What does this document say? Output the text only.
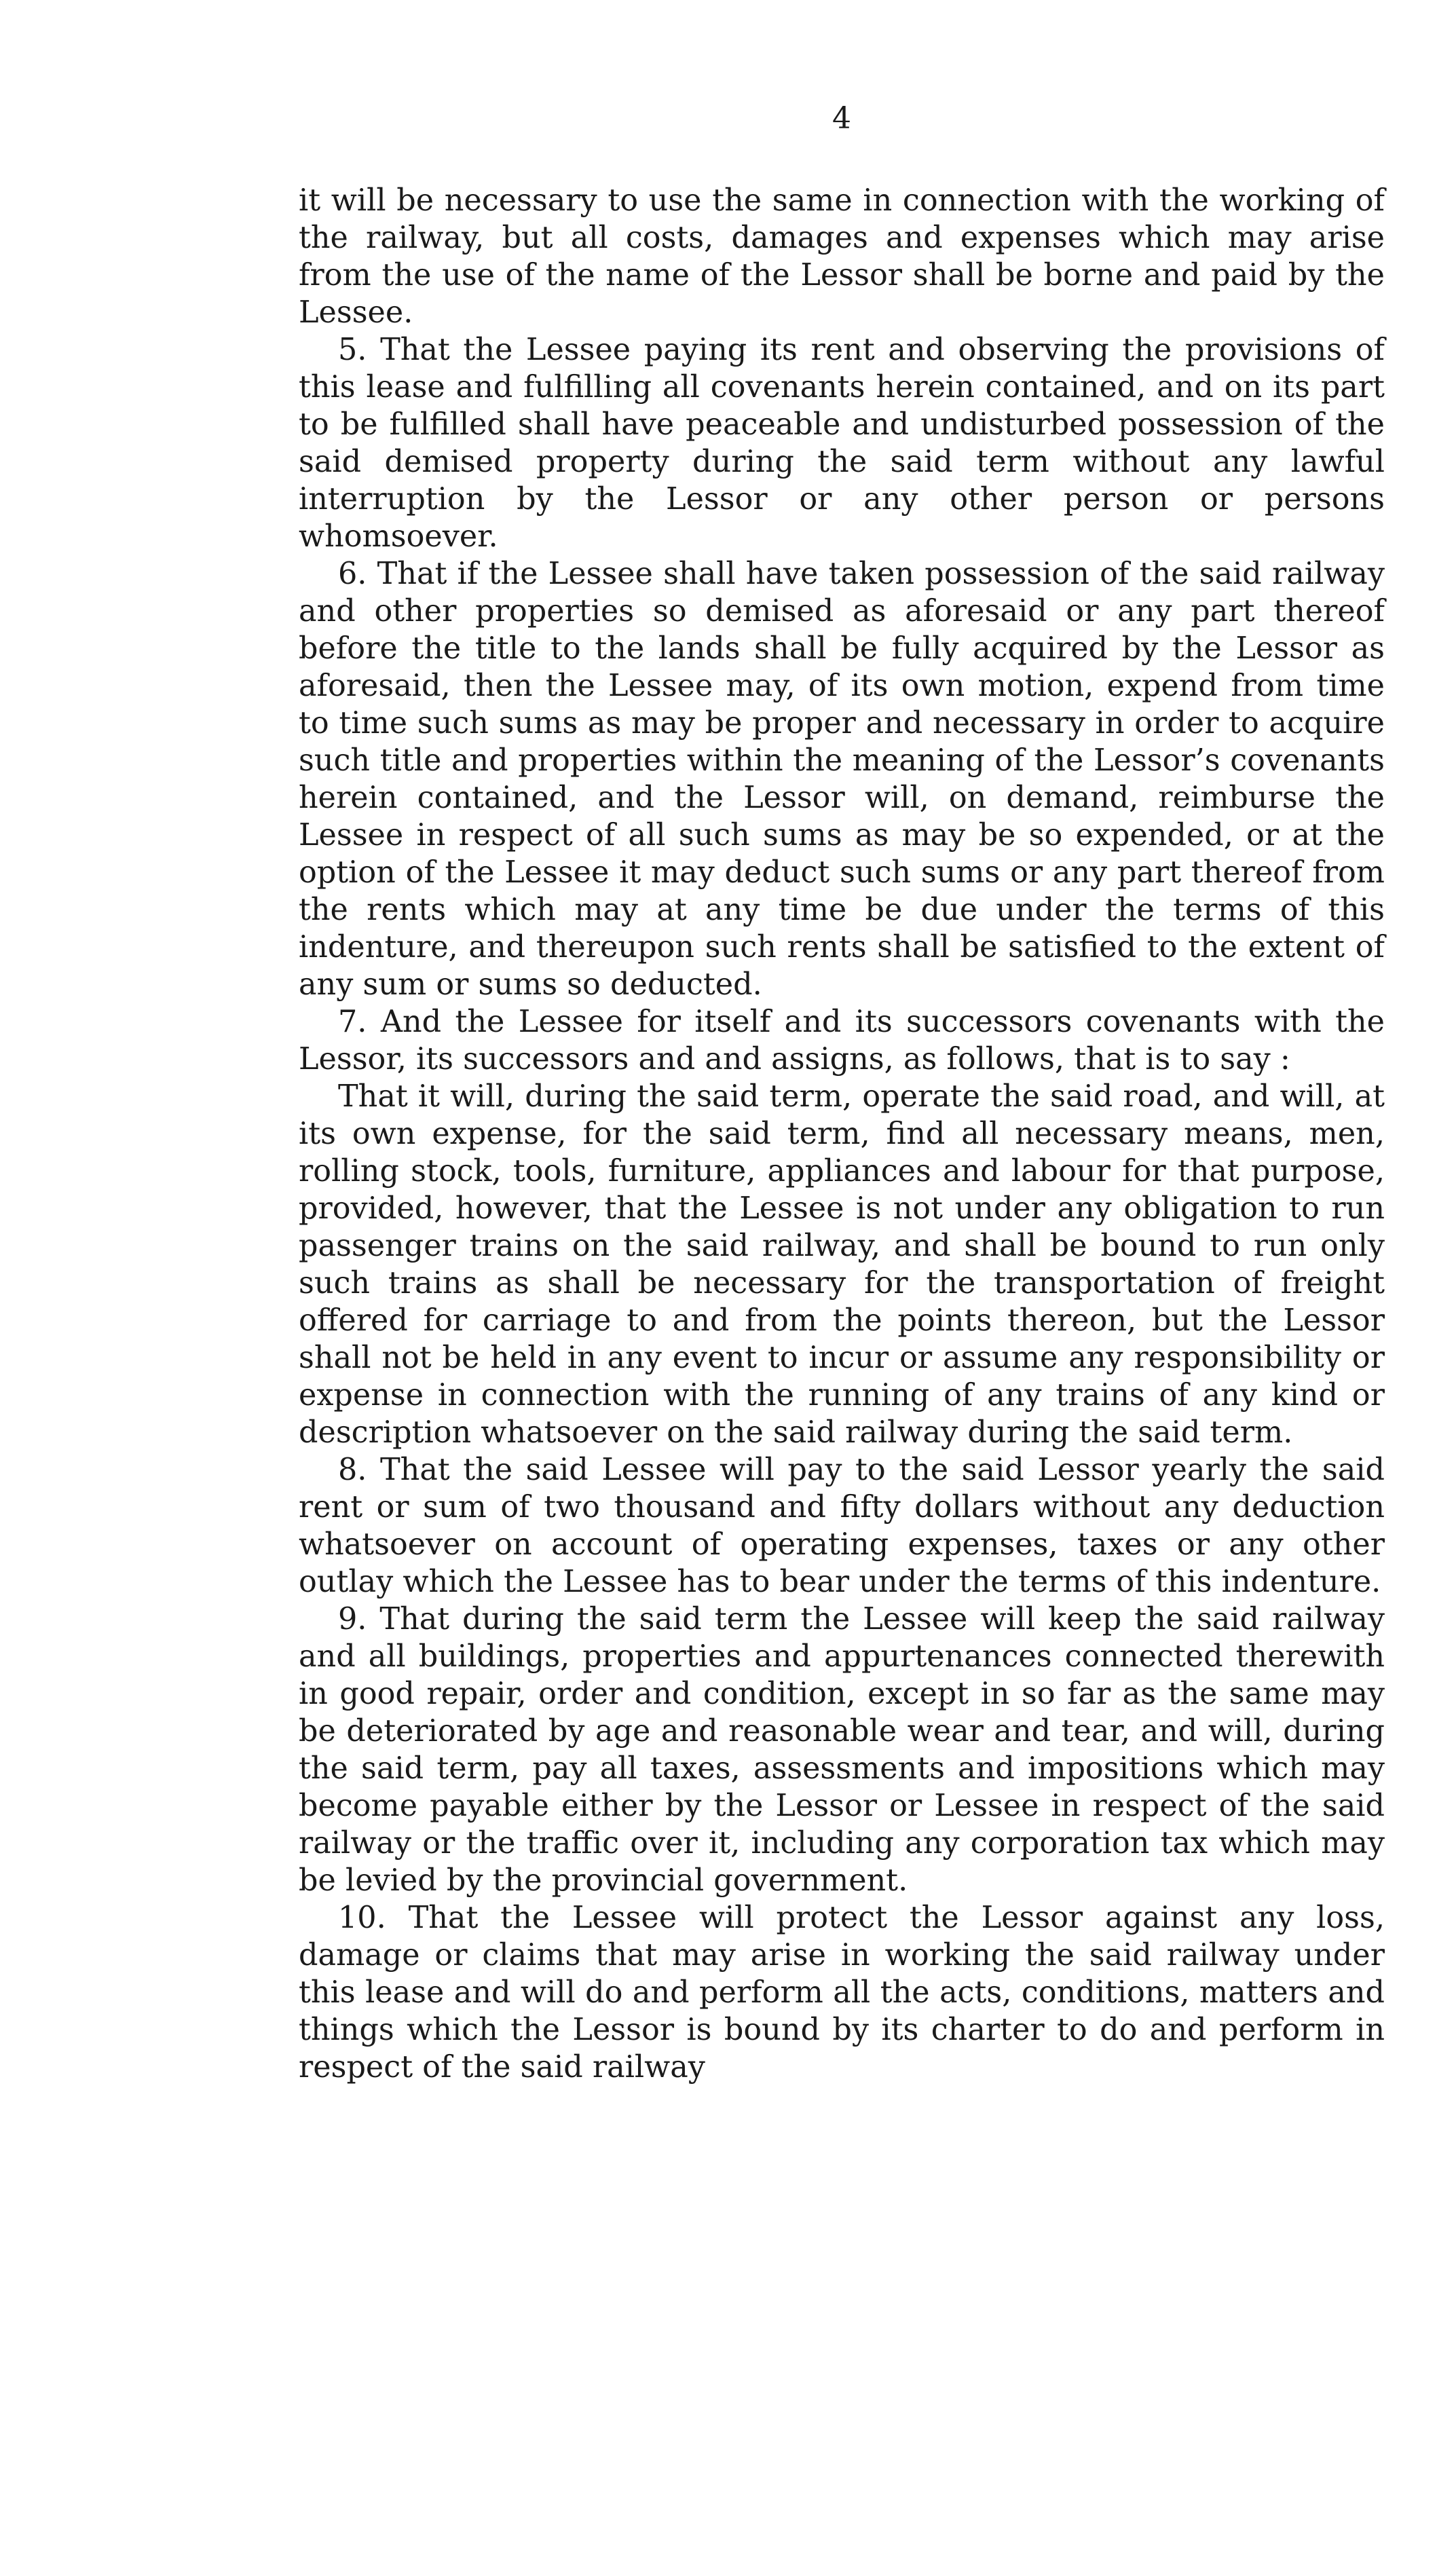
4

it will be necessary to use the same in connection with the working of the railway, but all costs, damages and expenses which may arise from the use of the name of the Lessor shall be borne and paid by the Lessee.

5. That the Lessee paying its rent and observing the provisions of this lease and fulfilling all covenants herein contained, and on its part to be fulfilled shall have peaceable and undisturbed possession of the said demised property during the said term without any lawful interruption by the Lessor or any other person or persons whomsoever.

6. That if the Lessee shall have taken possession of the said railway and other properties so demised as aforesaid or any part thereof before the title to the lands shall be fully acquired by the Lessor as aforesaid, then the Lessee may, of its own motion, expend from time to time such sums as may be proper and necessary in order to acquire such title and properties within the meaning of the Lessor’s covenants herein contained, and the Lessor will, on demand, reimburse the Lessee in respect of all such sums as may be so expended, or at the option of the Lessee it may deduct such sums or any part thereof from the rents which may at any time be due under the terms of this indenture, and thereupon such rents shall be satisfied to the extent of any sum or sums so deducted.

7. And the Lessee for itself and its successors covenants with the Lessor, its successors and and assigns, as follows, that is to say :

That it will, during the said term, operate the said road, and will, at its own expense, for the said term, find all necessary means, men, rolling stock, tools, furniture, appliances and labour for that purpose, provided, however, that the Lessee is not under any obligation to run passenger trains on the said railway, and shall be bound to run only such trains as shall be necessary for the transportation of freight offered for carriage to and from the points thereon, but the Lessor shall not be held in any event to incur or assume any responsibility or expense in connection with the running of any trains of any kind or description whatsoever on the said railway during the said term.

8. That the said Lessee will pay to the said Lessor yearly the said rent or sum of two thousand and fifty dollars without any deduction whatsoever on account of operating expenses, taxes or any other outlay which the Lessee has to bear under the terms of this indenture.

9. That during the said term the Lessee will keep the said railway and all buildings, properties and appurtenances connected therewith in good repair, order and condition, except in so far as the same may be deteriorated by age and reasonable wear and tear, and will, during the said term, pay all taxes, assessments and impositions which may become payable either by the Lessor or Lessee in respect of the said railway or the traffic over it, including any corporation tax which may be levied by the provincial government.

10. That the Lessee will protect the Lessor against any loss, damage or claims that may arise in working the said railway under this lease and will do and perform all the acts, conditions, matters and things which the Lessor is bound by its charter to do and perform in respect of the said railway
